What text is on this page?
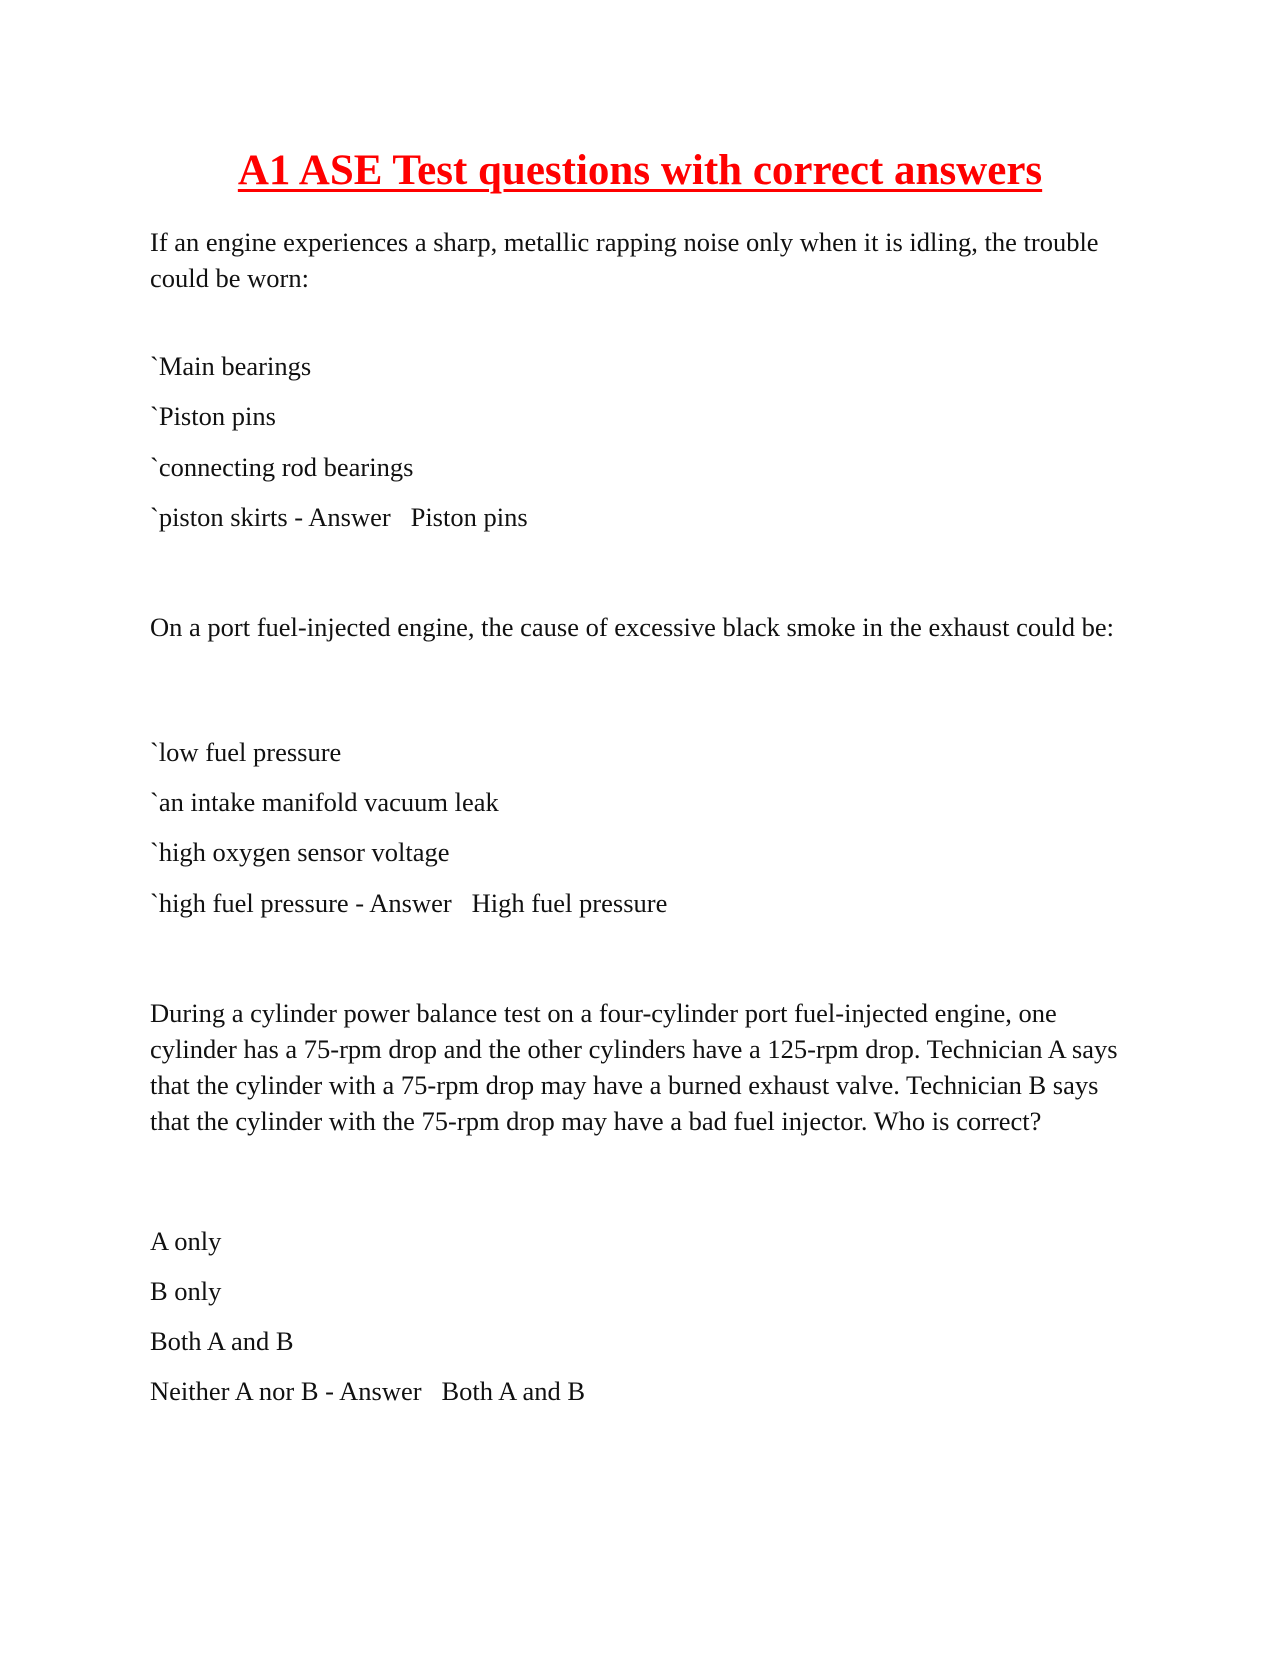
A1 ASE Test questions with correct answers

If an engine experiences a sharp, metallic rapping noise only when it is idling, the trouble could be worn:

`Main bearings

`Piston pins

`connecting rod bearings

`piston skirts - Answer   Piston pins

On a port fuel-injected engine, the cause of excessive black smoke in the exhaust could be:

`low fuel pressure

`an intake manifold vacuum leak

`high oxygen sensor voltage

`high fuel pressure - Answer   High fuel pressure

During a cylinder power balance test on a four-cylinder port fuel-injected engine, one cylinder has a 75-rpm drop and the other cylinders have a 125-rpm drop. Technician A says that the cylinder with a 75-rpm drop may have a burned exhaust valve. Technician B says that the cylinder with the 75-rpm drop may have a bad fuel injector. Who is correct?

A only

B only

Both A and B

Neither A nor B - Answer   Both A and B
